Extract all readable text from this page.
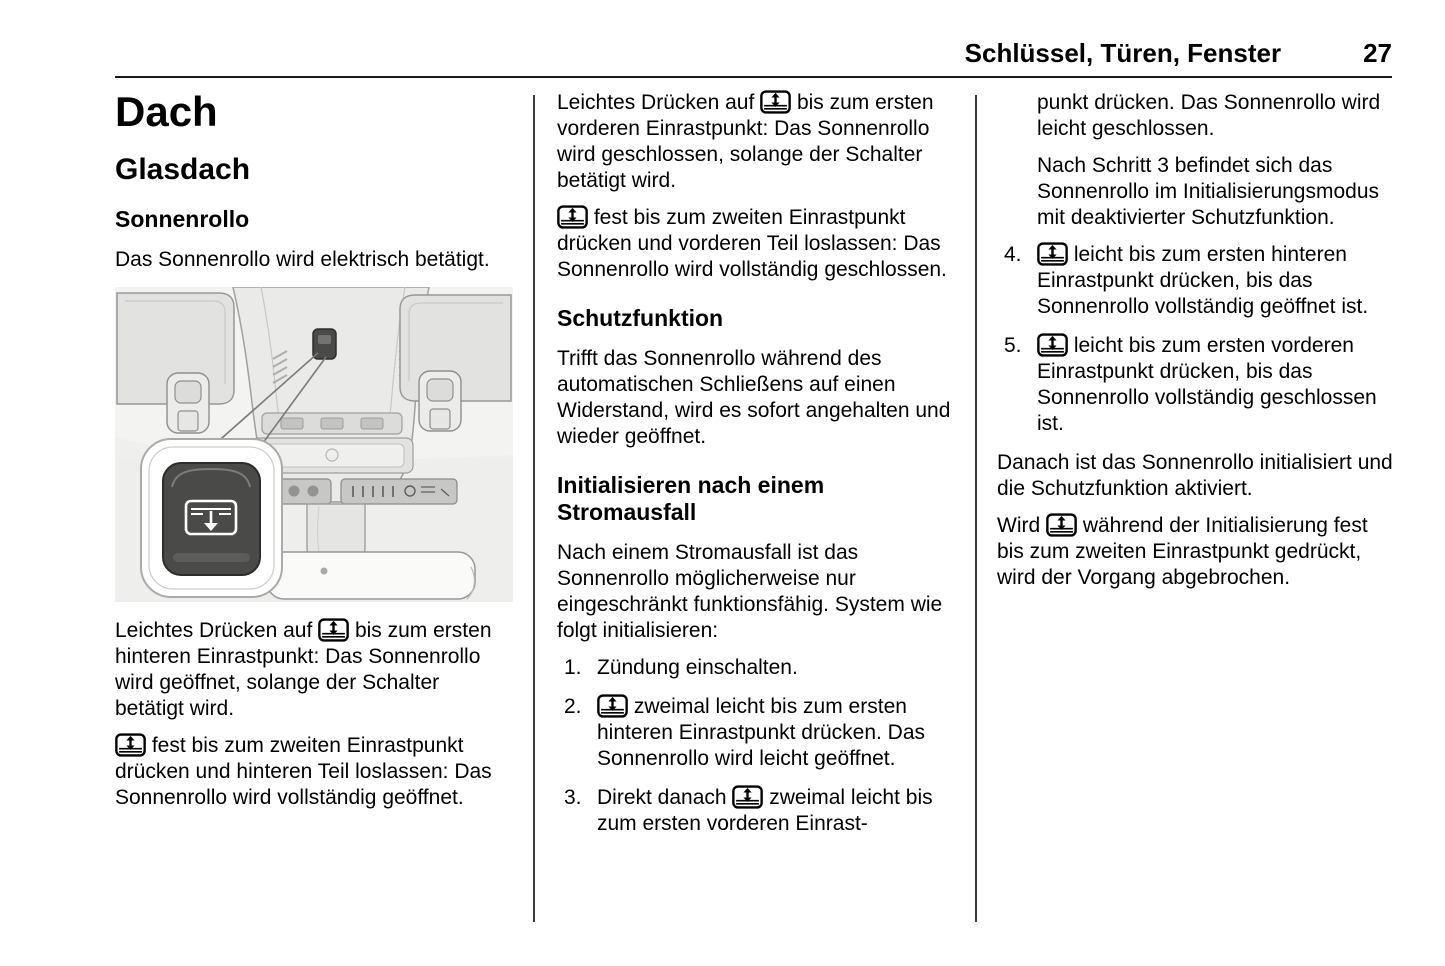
Schlüssel, Türen, Fenster	27
Dach
Glasdach
Sonnenrollo

Das Sonnenrollo wird elektrisch betätigt.

Leichtes Drücken auf  bis zum ersten hinteren Einrastpunkt: Das Sonnenrollo wird geöffnet, solange der Schalter betätigt wird.

fest bis zum zweiten Einrastpunkt drücken und hinteren Teil loslassen: Das Sonnenrollo wird vollständig geöffnet.

Leichtes Drücken auf  bis zum ersten vorderen Einrastpunkt: Das Sonnenrollo wird geschlossen, solange der Schalter betätigt wird.

fest bis zum zweiten Einrastpunkt drücken und vorderen Teil loslassen: Das Sonnenrollo wird vollständig geschlossen.

Schutzfunktion

Trifft das Sonnenrollo während des automatischen Schließens auf einen Widerstand, wird es sofort angehalten und wieder geöffnet.

Initialisieren nach einem Stromausfall

Nach einem Stromausfall ist das Sonnenrollo möglicherweise nur eingeschränkt funktionsfähig. System wie folgt initialisieren:

1. Zündung einschalten.
2.	zweimal leicht bis zum ersten hinteren Einrastpunkt drücken. Das Sonnenrollo wird leicht geöffnet.
3. Direkt danach  zweimal leicht bis zum ersten vorderen Einrast-

punkt drücken. Das Sonnenrollo wird leicht geschlossen.

Nach Schritt 3 befindet sich das Sonnenrollo im Initialisierungsmodus mit deaktivierter Schutzfunktion.

4.	leicht bis zum ersten hinteren Einrastpunkt drücken, bis das Sonnenrollo vollständig geöffnet ist.
5.	leicht bis zum ersten vorderen Einrastpunkt drücken, bis das Sonnenrollo vollständig geschlossen ist.

Danach ist das Sonnenrollo initialisiert und die Schutzfunktion aktiviert.

Wird  während der Initialisierung fest bis zum zweiten Einrastpunkt gedrückt, wird der Vorgang abgebrochen.
